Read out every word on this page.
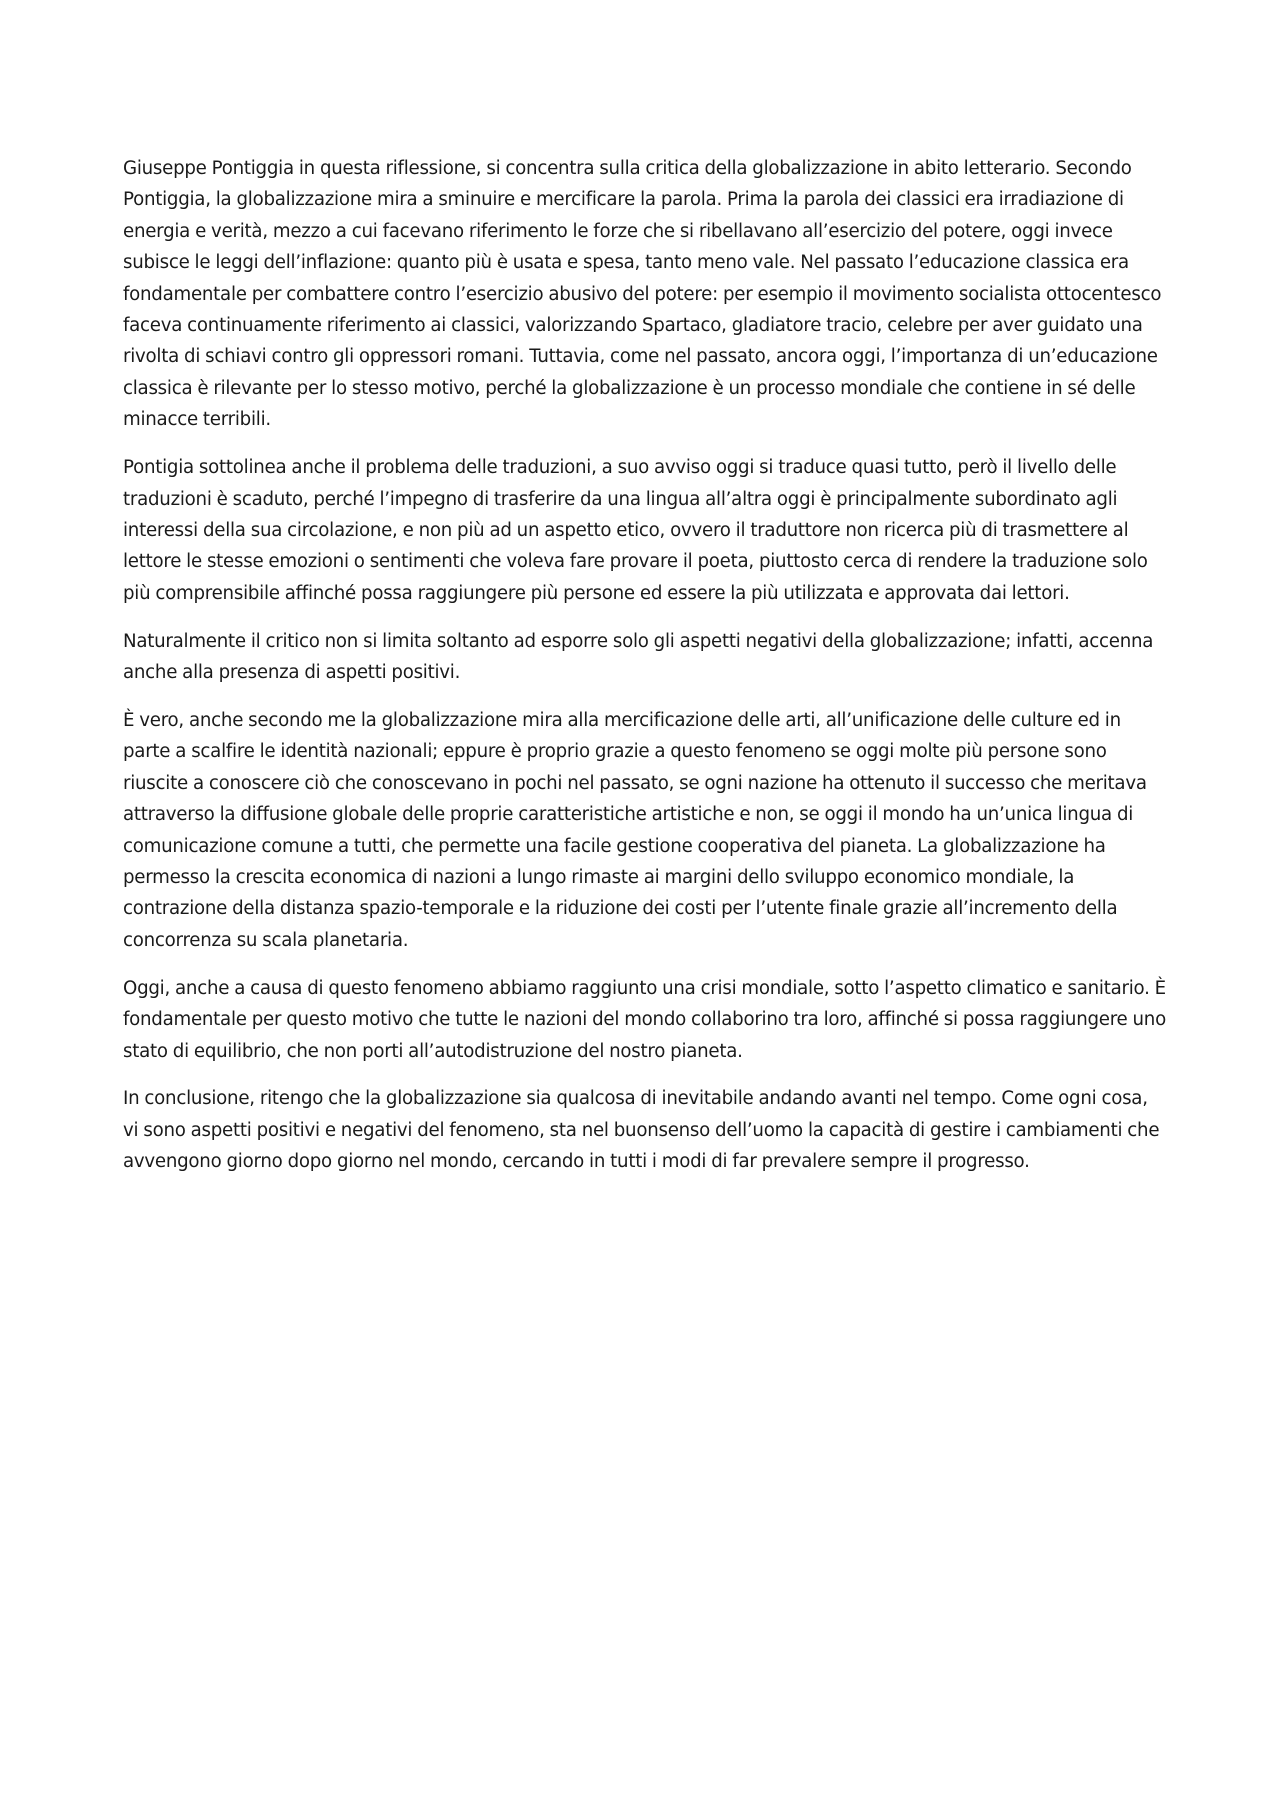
Giuseppe Pontiggia in questa riflessione, si concentra sulla critica della globalizzazione in abito letterario. Secondo Pontiggia, la globalizzazione mira a sminuire e mercificare la parola. Prima la parola dei classici era irradiazione di energia e verità, mezzo a cui facevano riferimento le forze che si ribellavano all’esercizio del potere, oggi invece subisce le leggi dell’inflazione: quanto più è usata e spesa, tanto meno vale. Nel passato l’educazione classica era fondamentale per combattere contro l’esercizio abusivo del potere: per esempio il movimento socialista ottocentesco faceva continuamente riferimento ai classici, valorizzando Spartaco, gladiatore tracio, celebre per aver guidato una rivolta di schiavi contro gli oppressori romani. Tuttavia, come nel passato, ancora oggi, l’importanza di un’educazione classica è rilevante per lo stesso motivo, perché la globalizzazione è un processo mondiale che contiene in sé delle minacce terribili.

Pontigia sottolinea anche il problema delle traduzioni, a suo avviso oggi si traduce quasi tutto, però il livello delle traduzioni è scaduto, perché l’impegno di trasferire da una lingua all’altra oggi è principalmente subordinato agli interessi della sua circolazione, e non più ad un aspetto etico, ovvero il traduttore non ricerca più di trasmettere al lettore le stesse emozioni o sentimenti che voleva fare provare il poeta, piuttosto cerca di rendere la traduzione solo più comprensibile affinché possa raggiungere più persone ed essere la più utilizzata e approvata dai lettori.

Naturalmente il critico non si limita soltanto ad esporre solo gli aspetti negativi della globalizzazione; infatti, accenna anche alla presenza di aspetti positivi.

È vero, anche secondo me la globalizzazione mira alla mercificazione delle arti, all’unificazione delle culture ed in parte a scalfire le identità nazionali; eppure è proprio grazie a questo fenomeno se oggi molte più persone sono riuscite a conoscere ciò che conoscevano in pochi nel passato, se ogni nazione ha ottenuto il successo che meritava attraverso la diffusione globale delle proprie caratteristiche artistiche e non, se oggi il mondo ha un’unica lingua di comunicazione comune a tutti, che permette una facile gestione cooperativa del pianeta. La globalizzazione ha permesso la crescita economica di nazioni a lungo rimaste ai margini dello sviluppo economico mondiale, la contrazione della distanza spazio-temporale e la riduzione dei costi per l’utente finale grazie all’incremento della concorrenza su scala planetaria.

Oggi, anche a causa di questo fenomeno abbiamo raggiunto una crisi mondiale, sotto l’aspetto climatico e sanitario. È fondamentale per questo motivo che tutte le nazioni del mondo collaborino tra loro, affinché si possa raggiungere uno stato di equilibrio, che non porti all’autodistruzione del nostro pianeta.

In conclusione, ritengo che la globalizzazione sia qualcosa di inevitabile andando avanti nel tempo. Come ogni cosa, vi sono aspetti positivi e negativi del fenomeno, sta nel buonsenso dell’uomo la capacità di gestire i cambiamenti che avvengono giorno dopo giorno nel mondo, cercando in tutti i modi di far prevalere sempre il progresso.
